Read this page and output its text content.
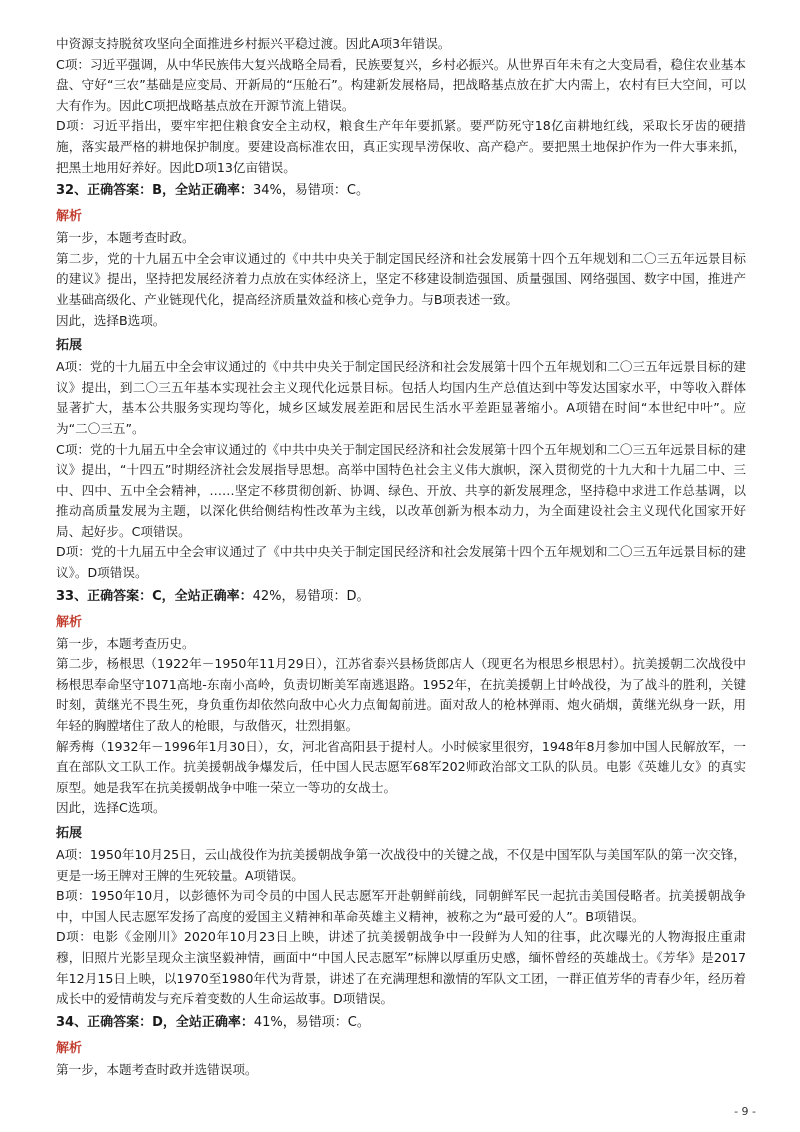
中资源支持脱贫攻坚向全面推进乡村振兴平稳过渡。因此A项3年错误。
C项：习近平强调，从中华民族伟大复兴战略全局看，民族要复兴，乡村必振兴。从世界百年未有之大变局看，稳住农业基本盘、守好“三农”基础是应变局、开新局的“压舱石”。构建新发展格局，把战略基点放在扩大内需上，农村有巨大空间，可以大有作为。因此C项把战略基点放在开源节流上错误。
D项：习近平指出，要牢牢把住粮食安全主动权，粮食生产年年要抓紧。要严防死守18亿亩耕地红线，采取长牙齿的硬措施，落实最严格的耕地保护制度。要建设高标准农田，真正实现旱涝保收、高产稳产。要把黑土地保护作为一件大事来抓，把黑土地用好养好。因此D项13亿亩错误。
32、正确答案：B，全站正确率：34%，易错项：C。
解析
第一步，本题考查时政。
第二步，党的十九届五中全会审议通过的《中共中央关于制定国民经济和社会发展第十四个五年规划和二〇三五年远景目标的建议》提出，坚持把发展经济着力点放在实体经济上，坚定不移建设制造强国、质量强国、网络强国、数字中国，推进产业基础高级化、产业链现代化，提高经济质量效益和核心竞争力。与B项表述一致。
因此，选择B选项。
拓展
A项：党的十九届五中全会审议通过的《中共中央关于制定国民经济和社会发展第十四个五年规划和二〇三五年远景目标的建议》提出，到二〇三五年基本实现社会主义现代化远景目标。包括人均国内生产总值达到中等发达国家水平，中等收入群体显著扩大，基本公共服务实现均等化，城乡区域发展差距和居民生活水平差距显著缩小。A项错在时间“本世纪中叶”。应为“二〇三五”。
C项：党的十九届五中全会审议通过的《中共中央关于制定国民经济和社会发展第十四个五年规划和二〇三五年远景目标的建议》提出，“十四五”时期经济社会发展指导思想。高举中国特色社会主义伟大旗帜，深入贯彻党的十九大和十九届二中、三中、四中、五中全会精神，……坚定不移贯彻创新、协调、绿色、开放、共享的新发展理念，坚持稳中求进工作总基调，以推动高质量发展为主题，以深化供给侧结构性改革为主线，以改革创新为根本动力，为全面建设社会主义现代化国家开好局、起好步。C项错误。
D项：党的十九届五中全会审议通过了《中共中央关于制定国民经济和社会发展第十四个五年规划和二〇三五年远景目标的建议》。D项错误。
33、正确答案：C，全站正确率：42%，易错项：D。
解析
第一步，本题考查历史。
第二步，杨根思（1922年－1950年11月29日），江苏省泰兴县杨货郎店人（现更名为根思乡根思村）。抗美援朝二次战役中杨根思奉命坚守1071高地-东南小高岭，负责切断美军南逃退路。1952年，在抗美援朝上甘岭战役，为了战斗的胜利，关键时刻，黄继光不畏生死，身负重伤却依然向敌中心火力点匍匐前进。面对敌人的枪林弹雨、炮火硝烟，黄继光纵身一跃，用年轻的胸膛堵住了敌人的枪眼，与敌偕灭，壮烈捐躯。
解秀梅（1932年－1996年1月30日），女，河北省高阳县于提村人。小时候家里很穷，1948年8月参加中国人民解放军，一直在部队文工队工作。抗美援朝战争爆发后，任中国人民志愿军68军202师政治部文工队的队员。电影《英雄儿女》的真实原型。她是我军在抗美援朝战争中唯一荣立一等功的女战士。
因此，选择C选项。
拓展
A项：1950年10月25日，云山战役作为抗美援朝战争第一次战役中的关键之战，不仅是中国军队与美国军队的第一次交锋，更是一场王牌对王牌的生死较量。A项错误。
B项：1950年10月，以彭德怀为司令员的中国人民志愿军开赴朝鲜前线，同朝鲜军民一起抗击美国侵略者。抗美援朝战争中，中国人民志愿军发扬了高度的爱国主义精神和革命英雄主义精神，被称之为“最可爱的人”。B项错误。
D项：电影《金刚川》2020年10月23日上映，讲述了抗美援朝战争中一段鲜为人知的往事，此次曝光的人物海报庄重肃穆，旧照片光影呈现众主演坚毅神情，画面中“中国人民志愿军”标牌以厚重历史感，缅怀曾经的英雄战士。《芳华》是2017年12月15日上映，以1970至1980年代为背景，讲述了在充满理想和激情的军队文工团，一群正值芳华的青春少年，经历着成长中的爱情萌发与充斥着变数的人生命运故事。D项错误。
34、正确答案：D，全站正确率：41%，易错项：C。
解析
第一步，本题考查时政并选错误项。
- 9 -
